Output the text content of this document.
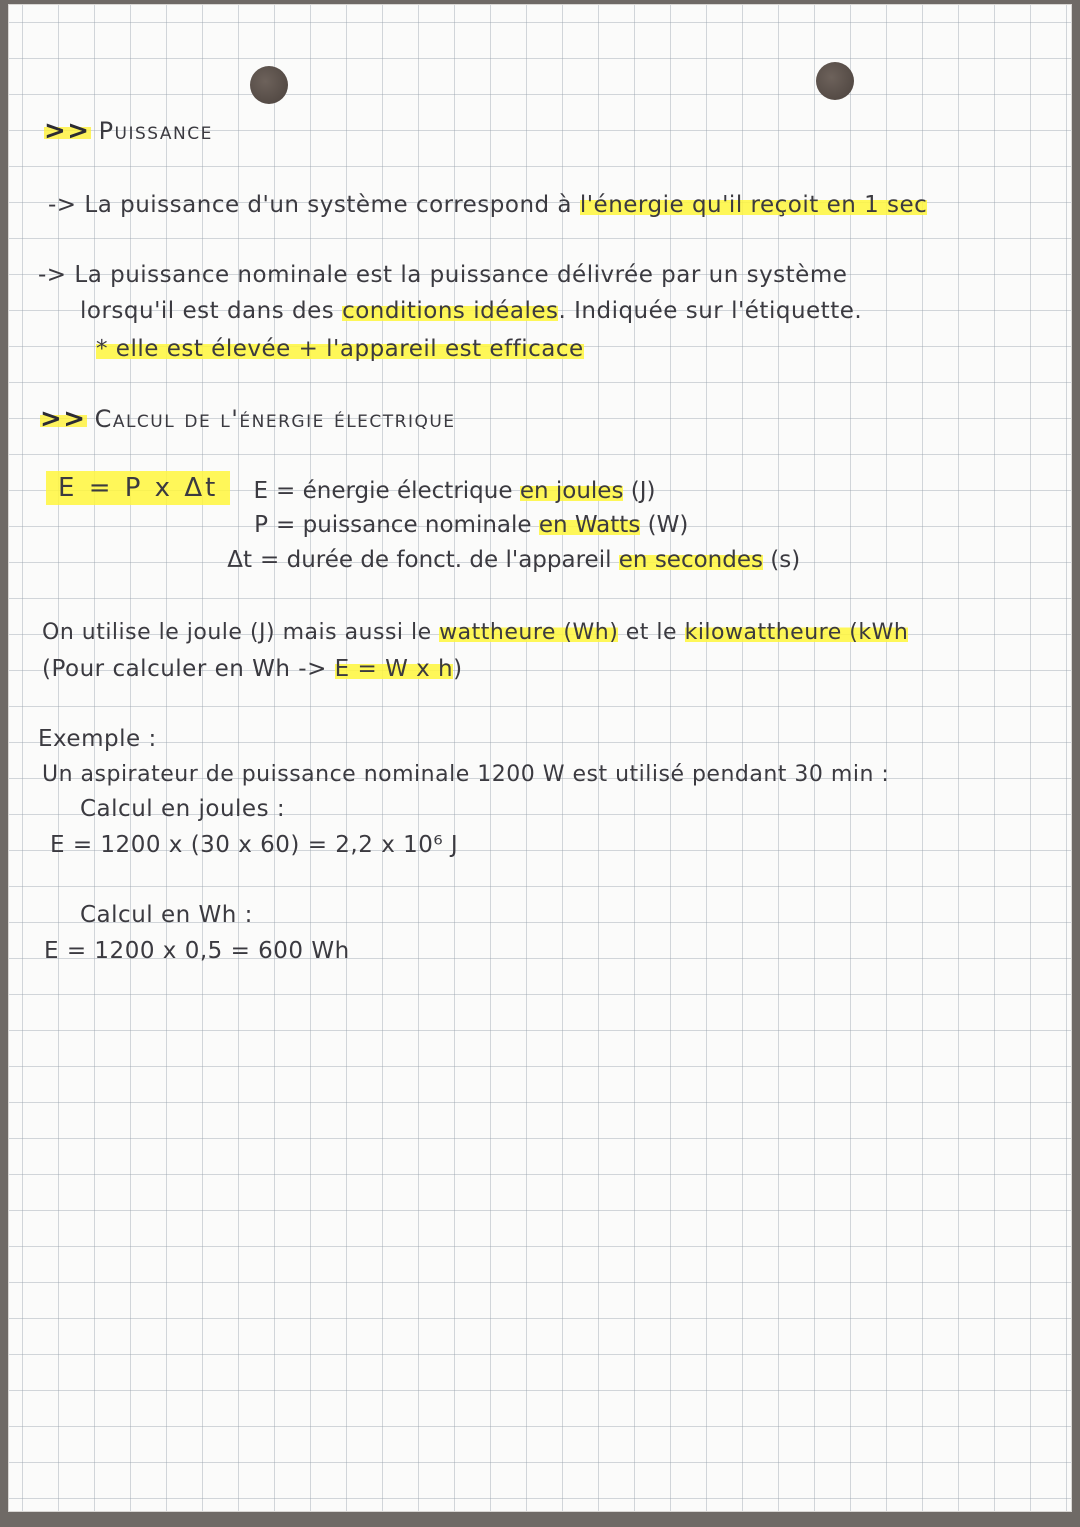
>> Puissance
-> La puissance d'un système correspond à l'énergie qu'il reçoit en 1 sec
-> La puissance nominale est la puissance délivrée par un système
lorsqu'il est dans des conditions idéales. Indiquée sur l'étiquette.
* elle est élevée + l'appareil est efficace
>> Calcul de l'énergie électrique
E = P x Δt	E = énergie électrique en joules (J)
P = puissance nominale en Watts (W)
Δt = durée de fonct. de l'appareil en secondes (s)
On utilise le joule (J) mais aussi le wattheure (Wh) et le kilowattheure (kWh
(Pour calculer en Wh -> E = W x h)
Exemple :
Un aspirateur de puissance nominale 1200 W est utilisé pendant 30 min :
Calcul en joules :
E = 1200 x (30 x 60) = 2,2 x 10⁶ J
Calcul en Wh :
E = 1200 x 0,5 = 600 Wh
